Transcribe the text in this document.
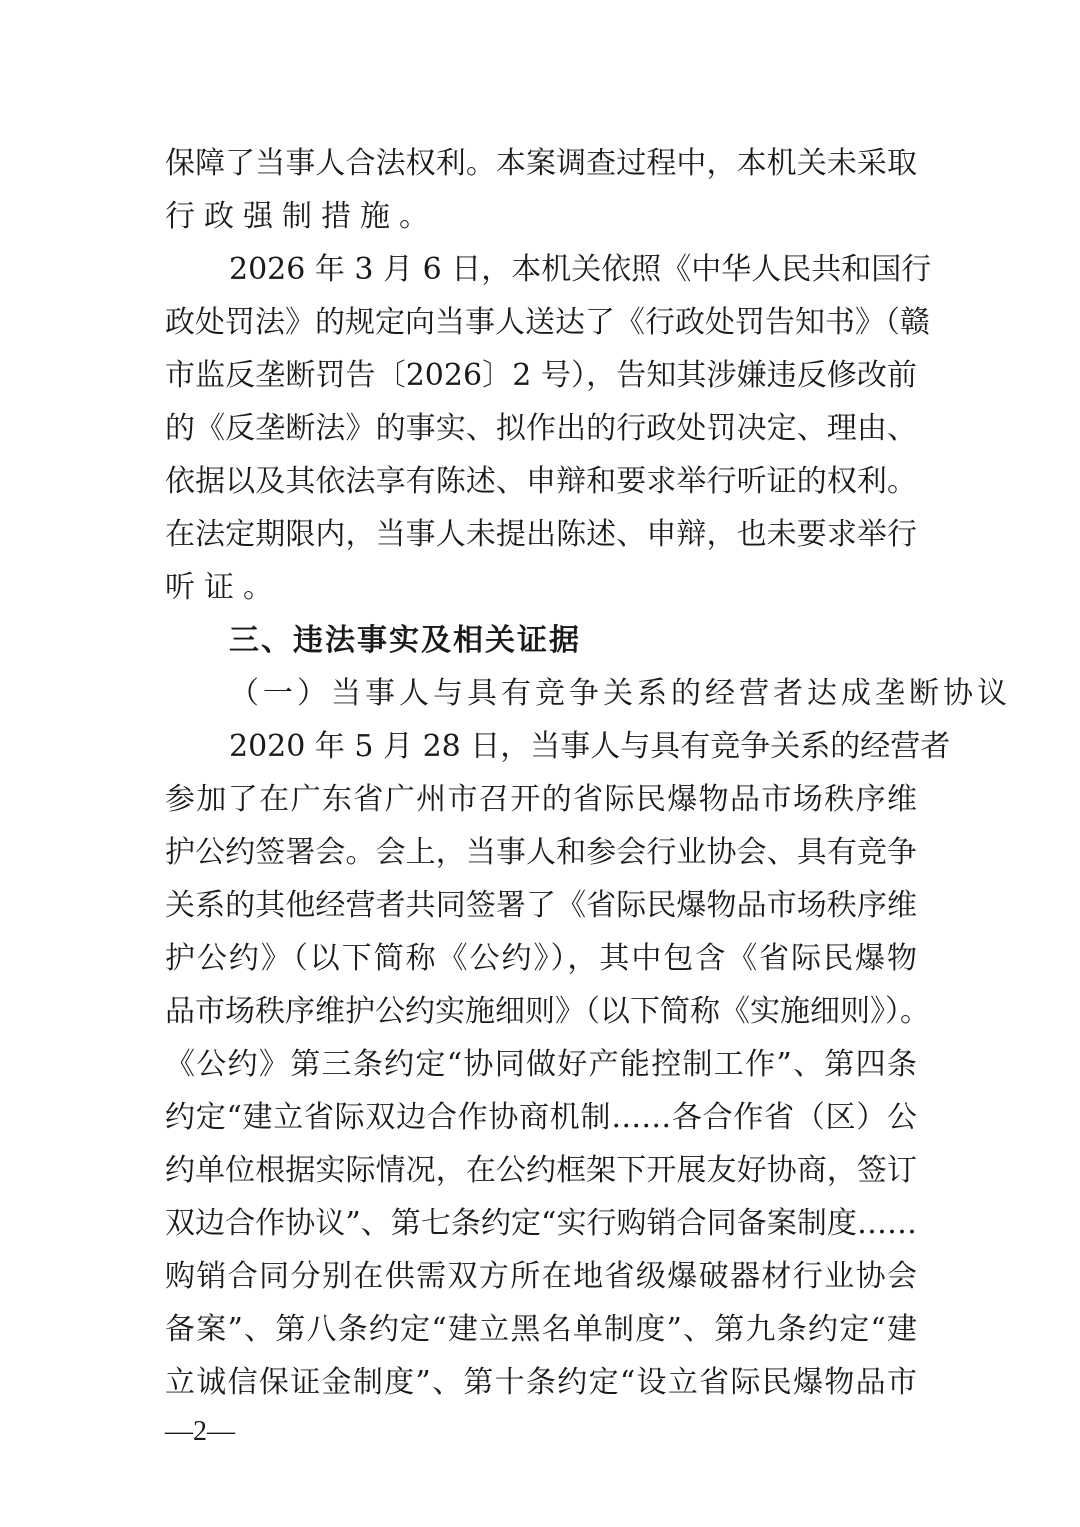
保障了当事人合法权利。本案调查过程中，本机关未采取
行政强制措施。
2026 年 3 月 6 日，本机关依照《中华人民共和国行
政处罚法》的规定向当事人送达了《行政处罚告知书》（赣
市监反垄断罚告〔2026〕2 号），告知其涉嫌违反修改前
的《反垄断法》的事实、拟作出的行政处罚决定、理由、
依据以及其依法享有陈述、申辩和要求举行听证的权利。
在法定期限内，当事人未提出陈述、申辩，也未要求举行
听证。
三、违法事实及相关证据
（一）当事人与具有竞争关系的经营者达成垄断协议
2020 年 5 月 28 日，当事人与具有竞争关系的经营者
参加了在广东省广州市召开的省际民爆物品市场秩序维
护公约签署会。会上，当事人和参会行业协会、具有竞争
关系的其他经营者共同签署了《省际民爆物品市场秩序维
护公约》（以下简称《公约》），其中包含《省际民爆物
品市场秩序维护公约实施细则》（以下简称《实施细则》）。
《公约》第三条约定“协同做好产能控制工作”、第四条
约定“建立省际双边合作协商机制……各合作省（区）公
约单位根据实际情况，在公约框架下开展友好协商，签订
双边合作协议”、第七条约定“实行购销合同备案制度……
购销合同分别在供需双方所在地省级爆破器材行业协会
备案”、第八条约定“建立黑名单制度”、第九条约定“建
立诚信保证金制度”、第十条约定“设立省际民爆物品市
—2—
